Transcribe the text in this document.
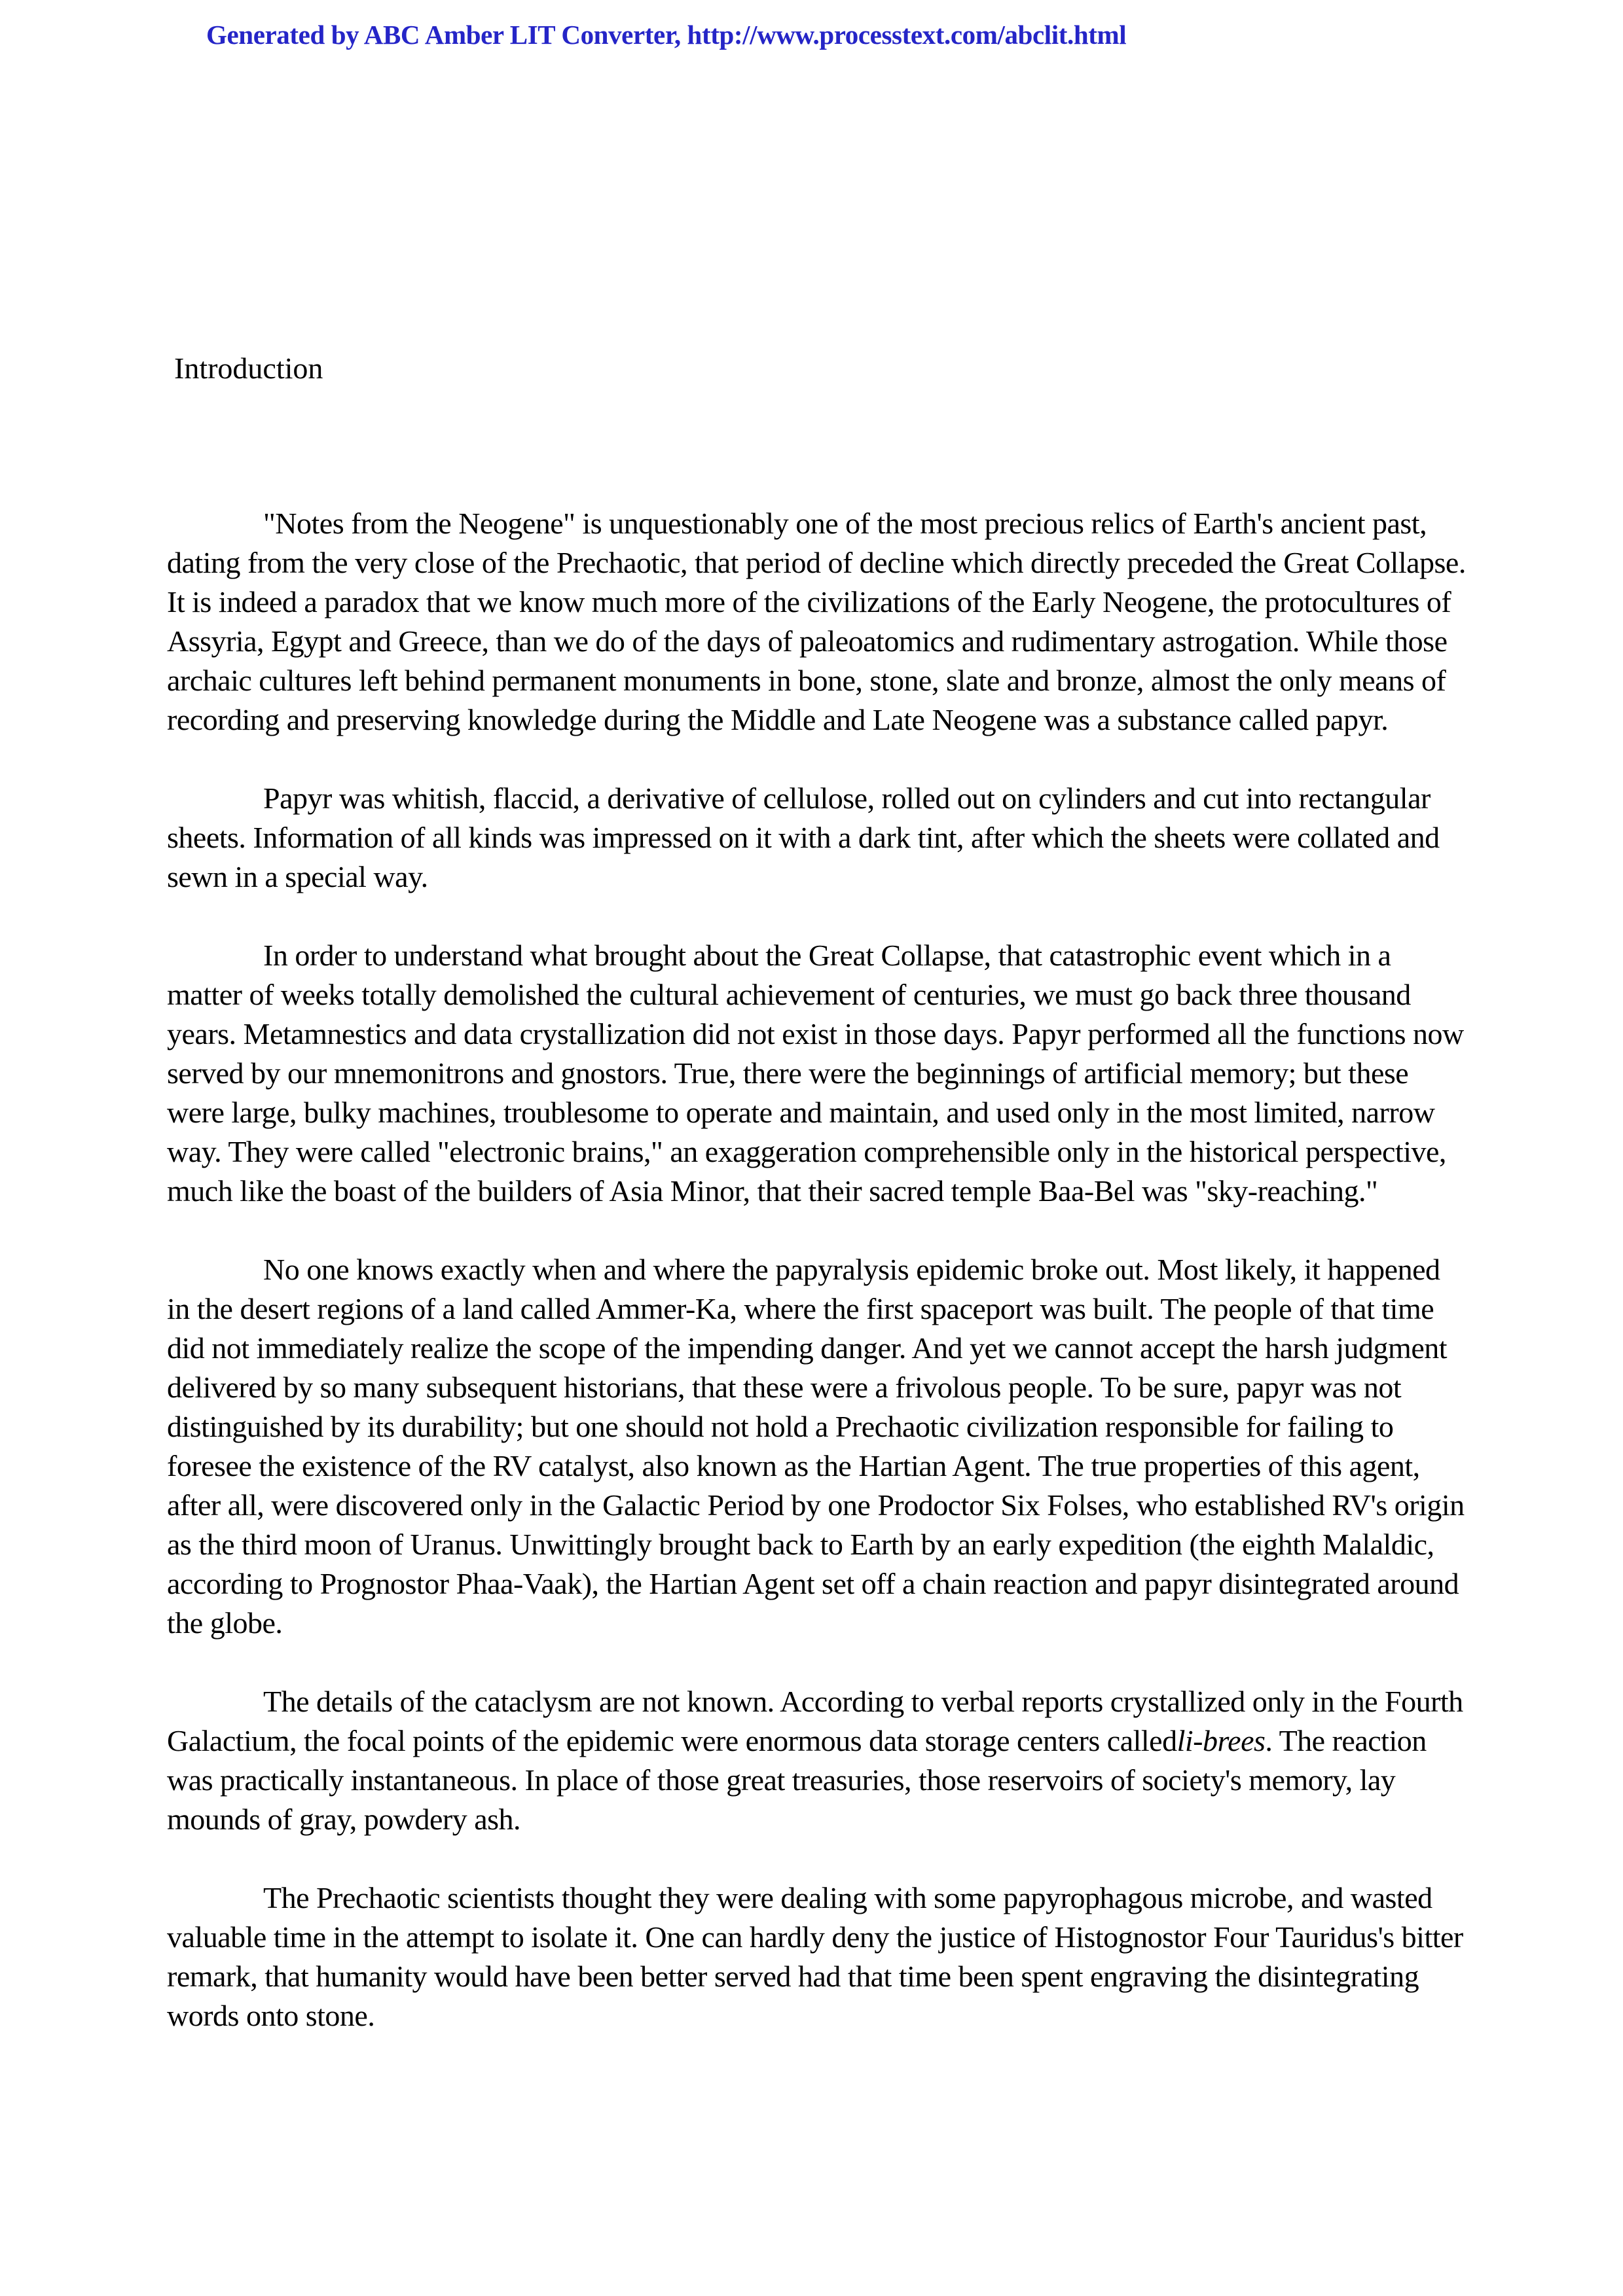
Generated by ABC Amber LIT Converter, http://www.processtext.com/abclit.html
Introduction

"Notes from the Neogene" is unquestionably one of the most precious relics of Earth's ancient past, dating from the very close of the Prechaotic, that period of decline which directly preceded the Great Collapse. It is indeed a paradox that we know much more of the civilizations of the Early Neogene, the protocultures of Assyria, Egypt and Greece, than we do of the days of paleoatomics and rudimentary astrogation. While those archaic cultures left behind permanent monuments in bone, stone, slate and bronze, almost the only means of recording and preserving knowledge during the Middle and Late Neogene was a substance called papyr.

Papyr was whitish, flaccid, a derivative of cellulose, rolled out on cylinders and cut into rectangular sheets. Information of all kinds was impressed on it with a dark tint, after which the sheets were collated and sewn in a special way.

In order to understand what brought about the Great Collapse, that catastrophic event which in a matter of weeks totally demolished the cultural achievement of centuries, we must go back three thousand years. Metamnestics and data crystallization did not exist in those days. Papyr performed all the functions now served by our mnemonitrons and gnostors. True, there were the beginnings of artificial memory; but these were large, bulky machines, troublesome to operate and maintain, and used only in the most limited, narrow way. They were called "electronic brains," an exaggeration comprehensible only in the historical perspective, much like the boast of the builders of Asia Minor, that their sacred temple Baa-Bel was "sky-reaching."

No one knows exactly when and where the papyralysis epidemic broke out. Most likely, it happened in the desert regions of a land called Ammer-Ka, where the first spaceport was built. The people of that time did not immediately realize the scope of the impending danger. And yet we cannot accept the harsh judgment delivered by so many subsequent historians, that these were a frivolous people. To be sure, papyr was not distinguished by its durability; but one should not hold a Prechaotic civilization responsible for failing to foresee the existence of the RV catalyst, also known as the Hartian Agent. The true properties of this agent, after all, were discovered only in the Galactic Period by one Prodoctor Six Folses, who established RV's origin as the third moon of Uranus. Unwittingly brought back to Earth by an early expedition (the eighth Malaldic, according to Prognostor Phaa-Vaak), the Hartian Agent set off a chain reaction and papyr disintegrated around the globe.

The details of the cataclysm are not known. According to verbal reports crystallized only in the Fourth Galactium, the focal points of the epidemic were enormous data storage centers calledli-brees. The reaction was practically instantaneous. In place of those great treasuries, those reservoirs of society's memory, lay mounds of gray, powdery ash.

The Prechaotic scientists thought they were dealing with some papyrophagous microbe, and wasted valuable time in the attempt to isolate it. One can hardly deny the justice of Histognostor Four Tauridus's bitter remark, that humanity would have been better served had that time been spent engraving the disintegrating words onto stone.
